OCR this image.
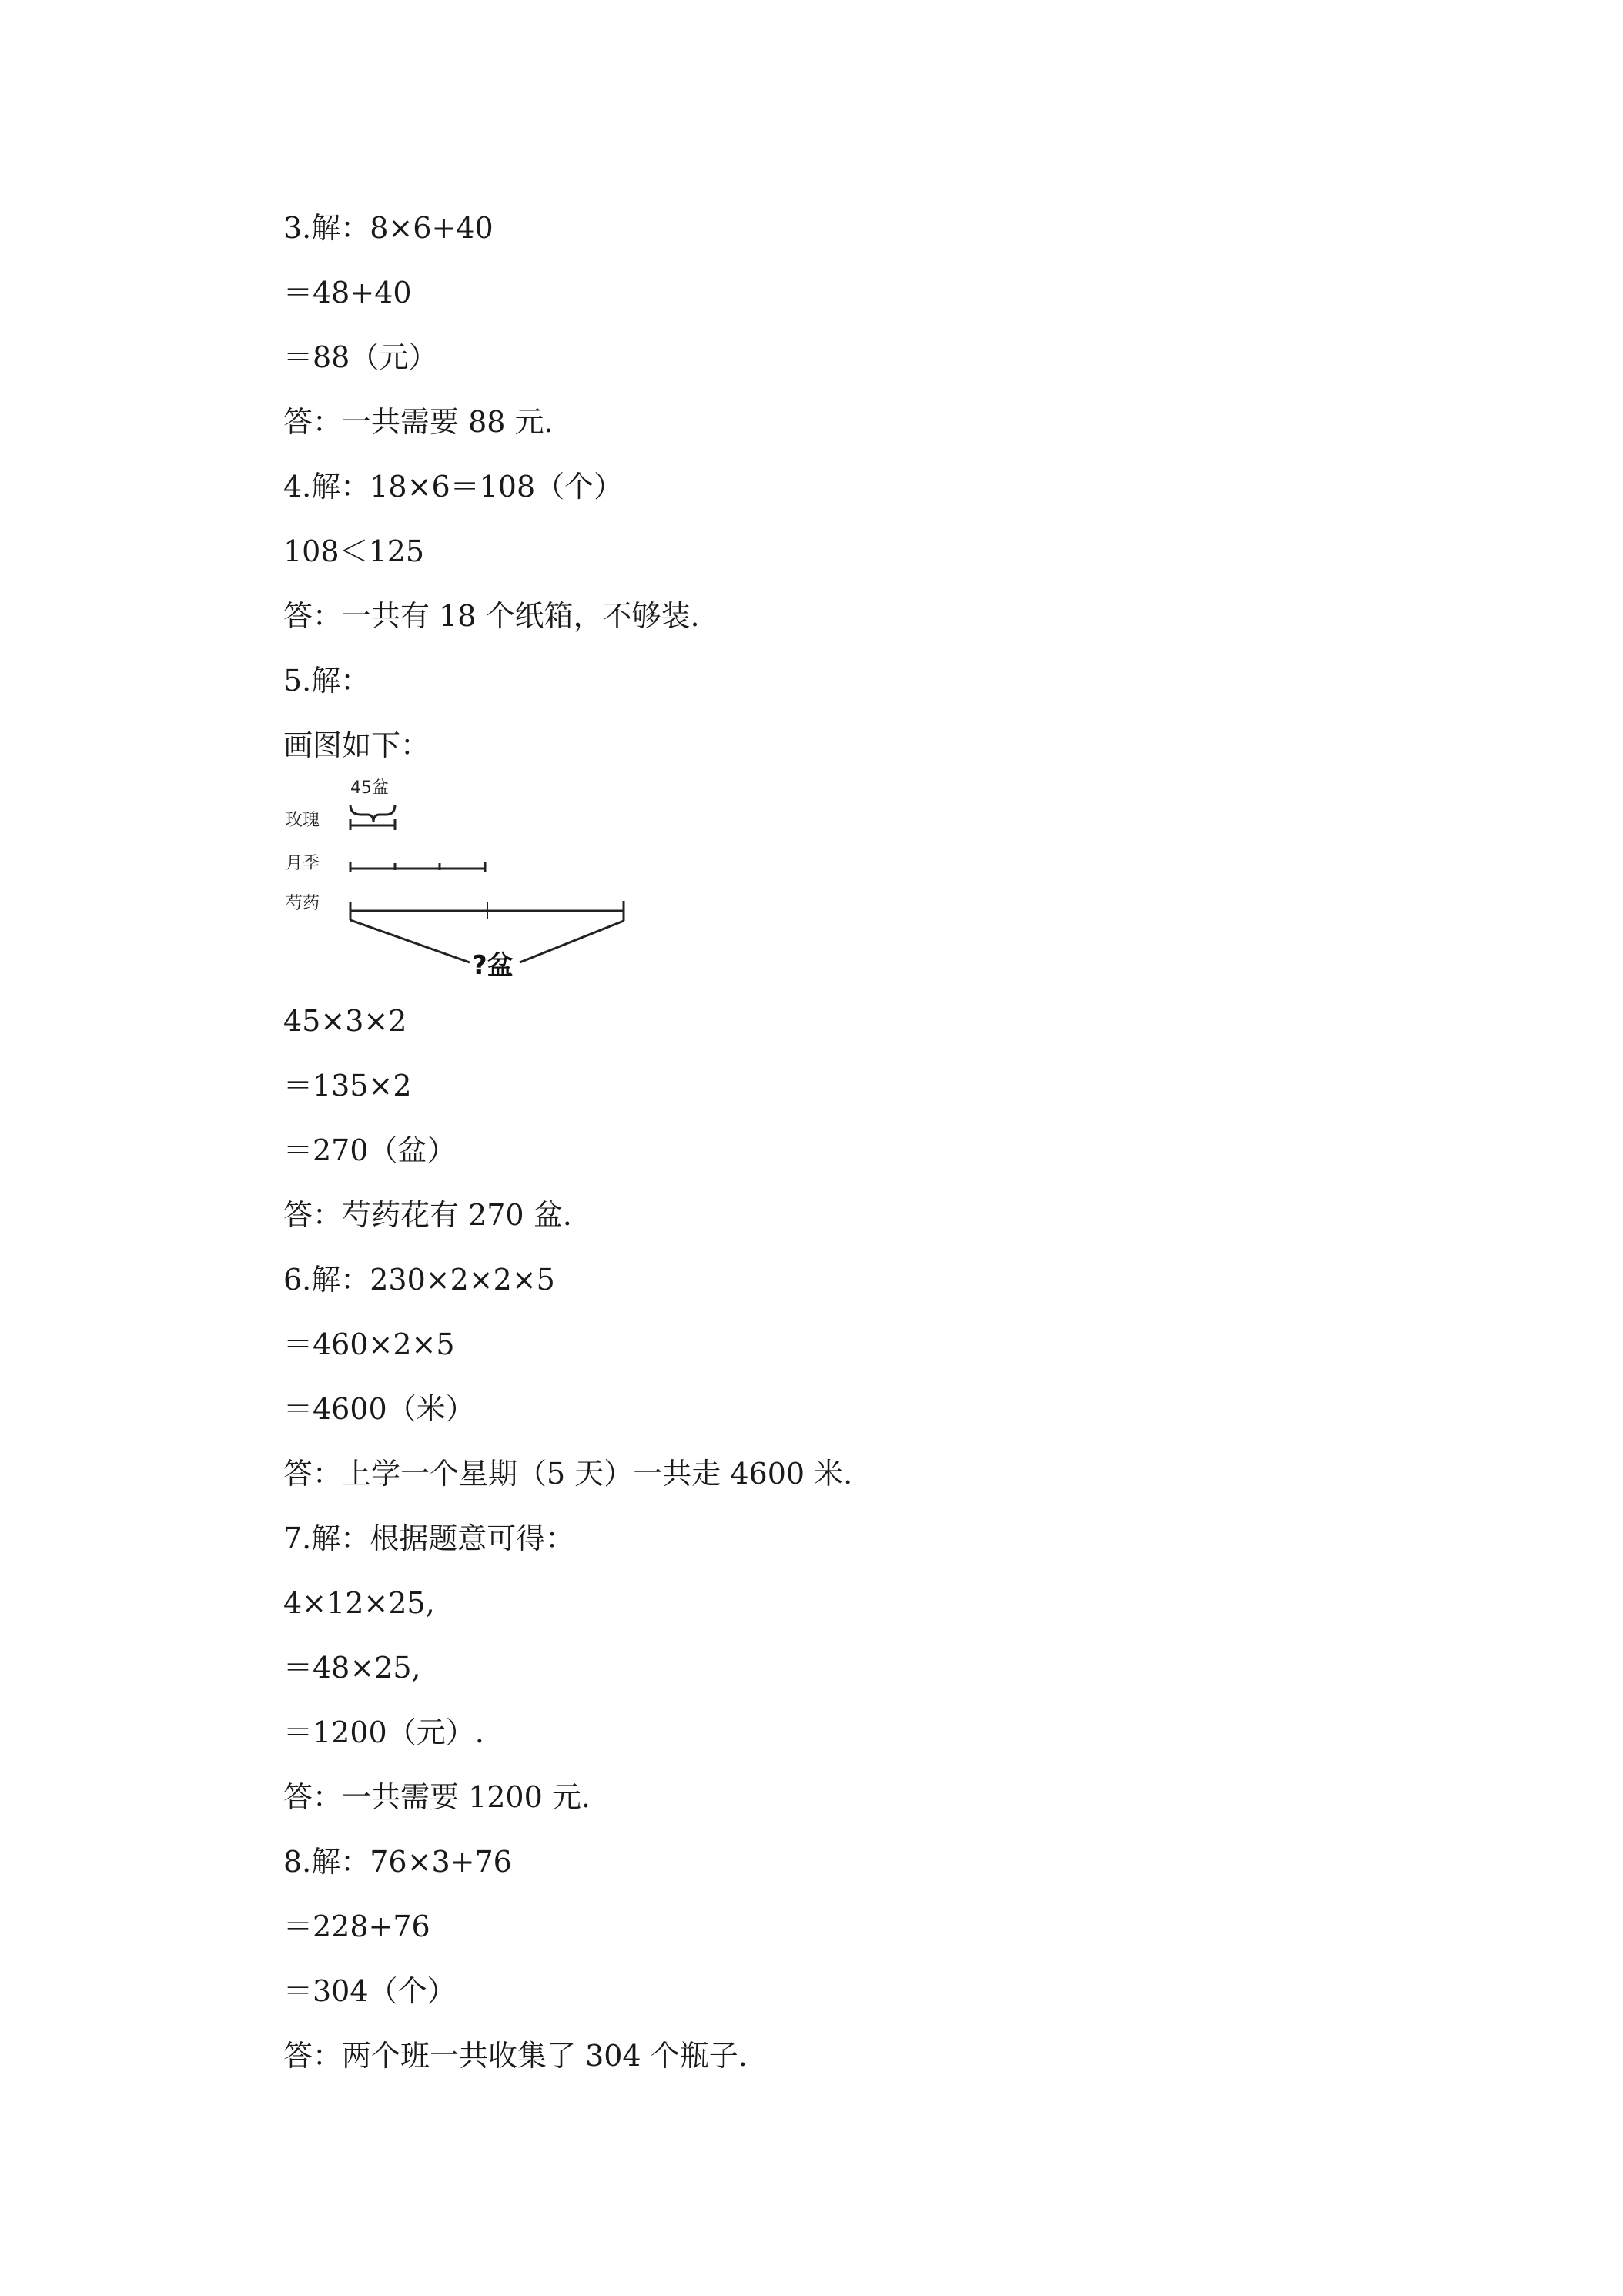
3.解：8×6+40
＝48+40
＝88（元）
答：一共需要 88 元.
4.解：18×6＝108（个）
108＜125
答：一共有 18 个纸箱，不够装.
5.解：
画图如下：
45盆
玫瑰
月季
芍药
?盆
45×3×2
＝135×2
＝270（盆）
答：芍药花有 270 盆.
6.解：230×2×2×5
＝460×2×5
＝4600（米）
答：上学一个星期（5 天）一共走 4600 米.
7.解：根据题意可得：
4×12×25,
＝48×25,
＝1200（元）.
答：一共需要 1200 元.
8.解：76×3+76
＝228+76
＝304（个）
答：两个班一共收集了 304 个瓶子.
